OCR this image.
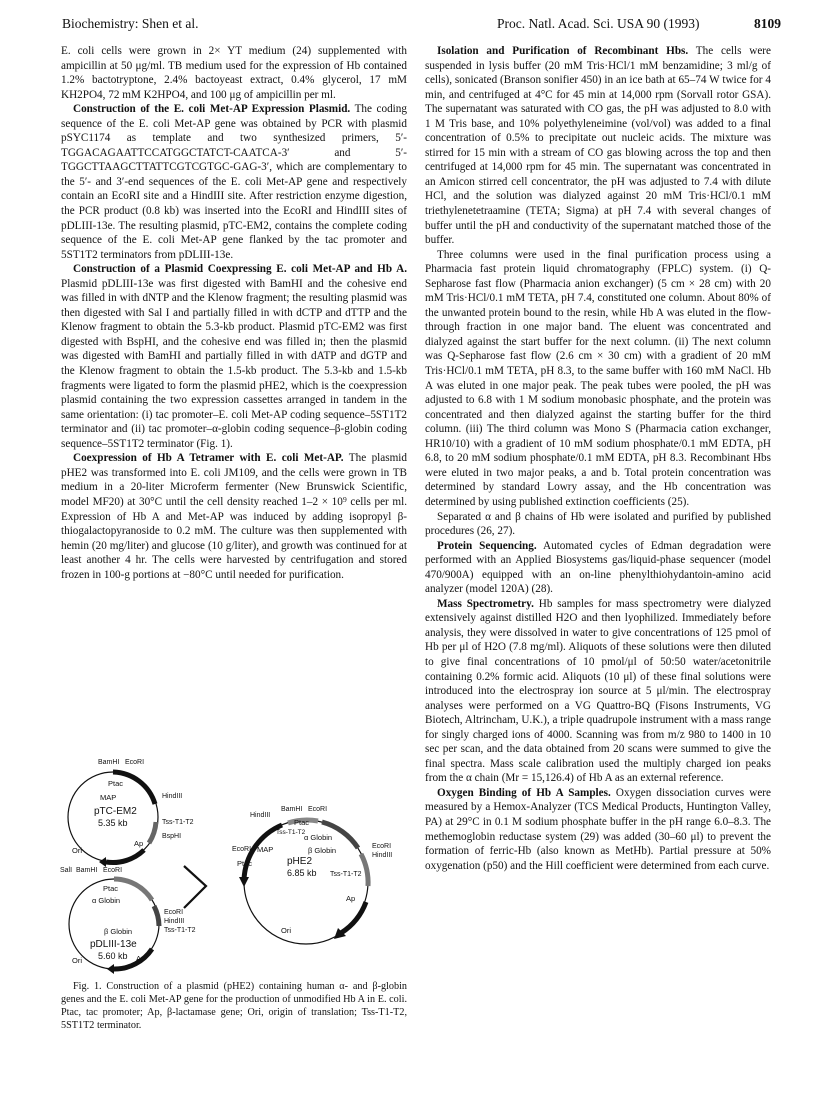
Biochemistry: Shen et al.	Proc. Natl. Acad. Sci. USA 90 (1993)	8109

E. coli cells were grown in 2× YT medium (24) supplemented with ampicillin at 50 μg/ml. TB medium used for the expression of Hb contained 1.2% bactotryptone, 2.4% bactoyeast extract, 0.4% glycerol, 17 mM KH2PO4, 72 mM K2HPO4, and 100 μg of ampicillin per ml.

Construction of the E. coli Met-AP Expression Plasmid. The coding sequence of the E. coli Met-AP gene was obtained by PCR with plasmid pSYC1174 as template and two synthesized primers, 5′-TGGACAGAATTCCATGGCTATCT-CAATCA-3′ and 5′-TGGCTTAAGCTTATTCGTCGTGC-GAG-3′, which are complementary to the 5′- and 3′-end sequences of the E. coli Met-AP gene and respectively contain an EcoRI site and a HindIII site. After restriction enzyme digestion, the PCR product (0.8 kb) was inserted into the EcoRI and HindIII sites of pDLIII-13e. The resulting plasmid, pTC-EM2, contains the complete coding sequence of the E. coli Met-AP gene flanked by the tac promoter and 5ST1T2 terminators from pDLIII-13e.

Construction of a Plasmid Coexpressing E. coli Met-AP and Hb A. Plasmid pDLIII-13e was first digested with BamHI and the cohesive end was filled in with dNTP and the Klenow fragment; the resulting plasmid was then digested with Sal I and partially filled in with dCTP and dTTP and the Klenow fragment to obtain the 5.3-kb product. Plasmid pTC-EM2 was first digested with BspHI, and the cohesive end was filled in; then the plasmid was digested with BamHI and partially filled in with dATP and dGTP and the Klenow fragment to obtain the 1.5-kb product. The 5.3-kb and 1.5-kb fragments were ligated to form the plasmid pHE2, which is the coexpression plasmid containing the two expression cassettes arranged in tandem in the same orientation: (i) tac promoter–E. coli Met-AP coding sequence–5ST1T2 terminator and (ii) tac promoter–α-globin coding sequence–β-globin coding sequence–5ST1T2 terminator (Fig. 1).

Coexpression of Hb A Tetramer with E. coli Met-AP. The plasmid pHE2 was transformed into E. coli JM109, and the cells were grown in TB medium in a 20-liter Microferm fermenter (New Brunswick Scientific, model MF20) at 30°C until the cell density reached 1–2 × 10⁹ cells per ml. Expression of Hb A and Met-AP was induced by adding isopropyl β-thiogalactopyranoside to 0.2 mM. The culture was then supplemented with hemin (20 mg/liter) and glucose (10 g/liter), and growth was continued for at least another 4 hr. The cells were harvested by centrifugation and stored frozen in 100-g portions at −80°C until needed for purification.

pTC-EM2
5.35 kb
BamHI EcoRI
Ptac
MAP	HindIII
Tss-T1-T2
BspHI
Ap
Ori
SalI BamHI EcoRI
Ptac
α Globin
β Globin
EcoRI
HindIII
Tss-T1-T2
pDLIII-13e
5.60 kb Ap
Ori
pHE2
6.85 kb
BamHI EcoRI
HindIII
Ptac
Tss-T1-T2
α Globin
β Globin
MAP
EcoRI
Ptac
EcoRI
HindIII
Tss-T1-T2
Ap
Ori
Fig. 1. Construction of a plasmid (pHE2) containing human α- and β-globin genes and the E. coli Met-AP gene for the production of unmodified Hb A in E. coli. Ptac, tac promoter; Ap, β-lactamase gene; Ori, origin of translation; Tss-T1-T2, 5ST1T2 terminator.

Isolation and Purification of Recombinant Hbs. The cells were suspended in lysis buffer (20 mM Tris·HCl/1 mM benzamidine; 3 ml/g of cells), sonicated (Branson sonifier 450) in an ice bath at 65–74 W twice for 4 min, and centrifuged at 4°C for 45 min at 14,000 rpm (Sorvall rotor GSA). The supernatant was saturated with CO gas, the pH was adjusted to 8.0 with 1 M Tris base, and 10% polyethyleneimine (vol/vol) was added to a final concentration of 0.5% to precipitate out nucleic acids. The mixture was stirred for 15 min with a stream of CO gas blowing across the top and then centrifuged at 14,000 rpm for 45 min. The supernatant was concentrated in an Amicon stirred cell concentrator, the pH was adjusted to 7.4 with dilute HCl, and the solution was dialyzed against 20 mM Tris·HCl/0.1 mM triethylenetetraamine (TETA; Sigma) at pH 7.4 with several changes of buffer until the pH and conductivity of the supernatant matched those of the buffer.

Three columns were used in the final purification process using a Pharmacia fast protein liquid chromatography (FPLC) system. (i) Q-Sepharose fast flow (Pharmacia anion exchanger) (5 cm × 28 cm) with 20 mM Tris·HCl/0.1 mM TETA, pH 7.4, constituted one column. About 80% of the unwanted protein bound to the resin, while Hb A was eluted in the flow-through fraction in one major band. The eluent was concentrated and dialyzed against the start buffer for the next column. (ii) The next column was Q-Sepharose fast flow (2.6 cm × 30 cm) with a gradient of 20 mM Tris·HCl/0.1 mM TETA, pH 8.3, to the same buffer with 160 mM NaCl. Hb A was eluted in one major peak. The peak tubes were pooled, the pH was adjusted to 6.8 with 1 M sodium monobasic phosphate, and the protein was concentrated and then dialyzed against the starting buffer for the third column. (iii) The third column was Mono S (Pharmacia cation exchanger, HR10/10) with a gradient of 10 mM sodium phosphate/0.1 mM EDTA, pH 6.8, to 20 mM sodium phosphate/0.1 mM EDTA, pH 8.3. Recombinant Hbs were eluted in two major peaks, a and b. Total protein concentration was determined by standard Lowry assay, and the Hb concentration was determined by using published extinction coefficients (25).

Separated α and β chains of Hb were isolated and purified by published procedures (26, 27).

Protein Sequencing. Automated cycles of Edman degradation were performed with an Applied Biosystems gas/liquid-phase sequencer (model 470/900A) equipped with an on-line phenylthiohydantoin-amino acid analyzer (model 120A) (28).

Mass Spectrometry. Hb samples for mass spectrometry were dialyzed extensively against distilled H2O and then lyophilized. Immediately before analysis, they were dissolved in water to give concentrations of 125 pmol of Hb per μl of H2O (7.8 mg/ml). Aliquots of these solutions were then diluted to give final concentrations of 10 pmol/μl of 50:50 water/acetonitrile containing 0.2% formic acid. Aliquots (10 μl) of these final solutions were introduced into the electrospray ion source at 5 μl/min. The electrospray analyses were performed on a VG Quattro-BQ (Fisons Instruments, VG Biotech, Altrincham, U.K.), a triple quadrupole instrument with a mass range for singly charged ions of 4000. Scanning was from m/z 980 to 1400 in 10 sec per scan, and the data obtained from 20 scans were summed to give the final spectra. Mass scale calibration used the multiply charged ion peaks from the α chain (Mr = 15,126.4) of Hb A as an external reference.

Oxygen Binding of Hb A Samples. Oxygen dissociation curves were measured by a Hemox-Analyzer (TCS Medical Products, Huntington Valley, PA) at 29°C in 0.1 M sodium phosphate buffer in the pH range 6.0–8.3. The methemoglobin reductase system (29) was added (30–60 μl) to prevent the formation of ferric-Hb (also known as MetHb). Partial pressure at 50% oxygenation (p50) and the Hill coefficient were determined from each curve.
